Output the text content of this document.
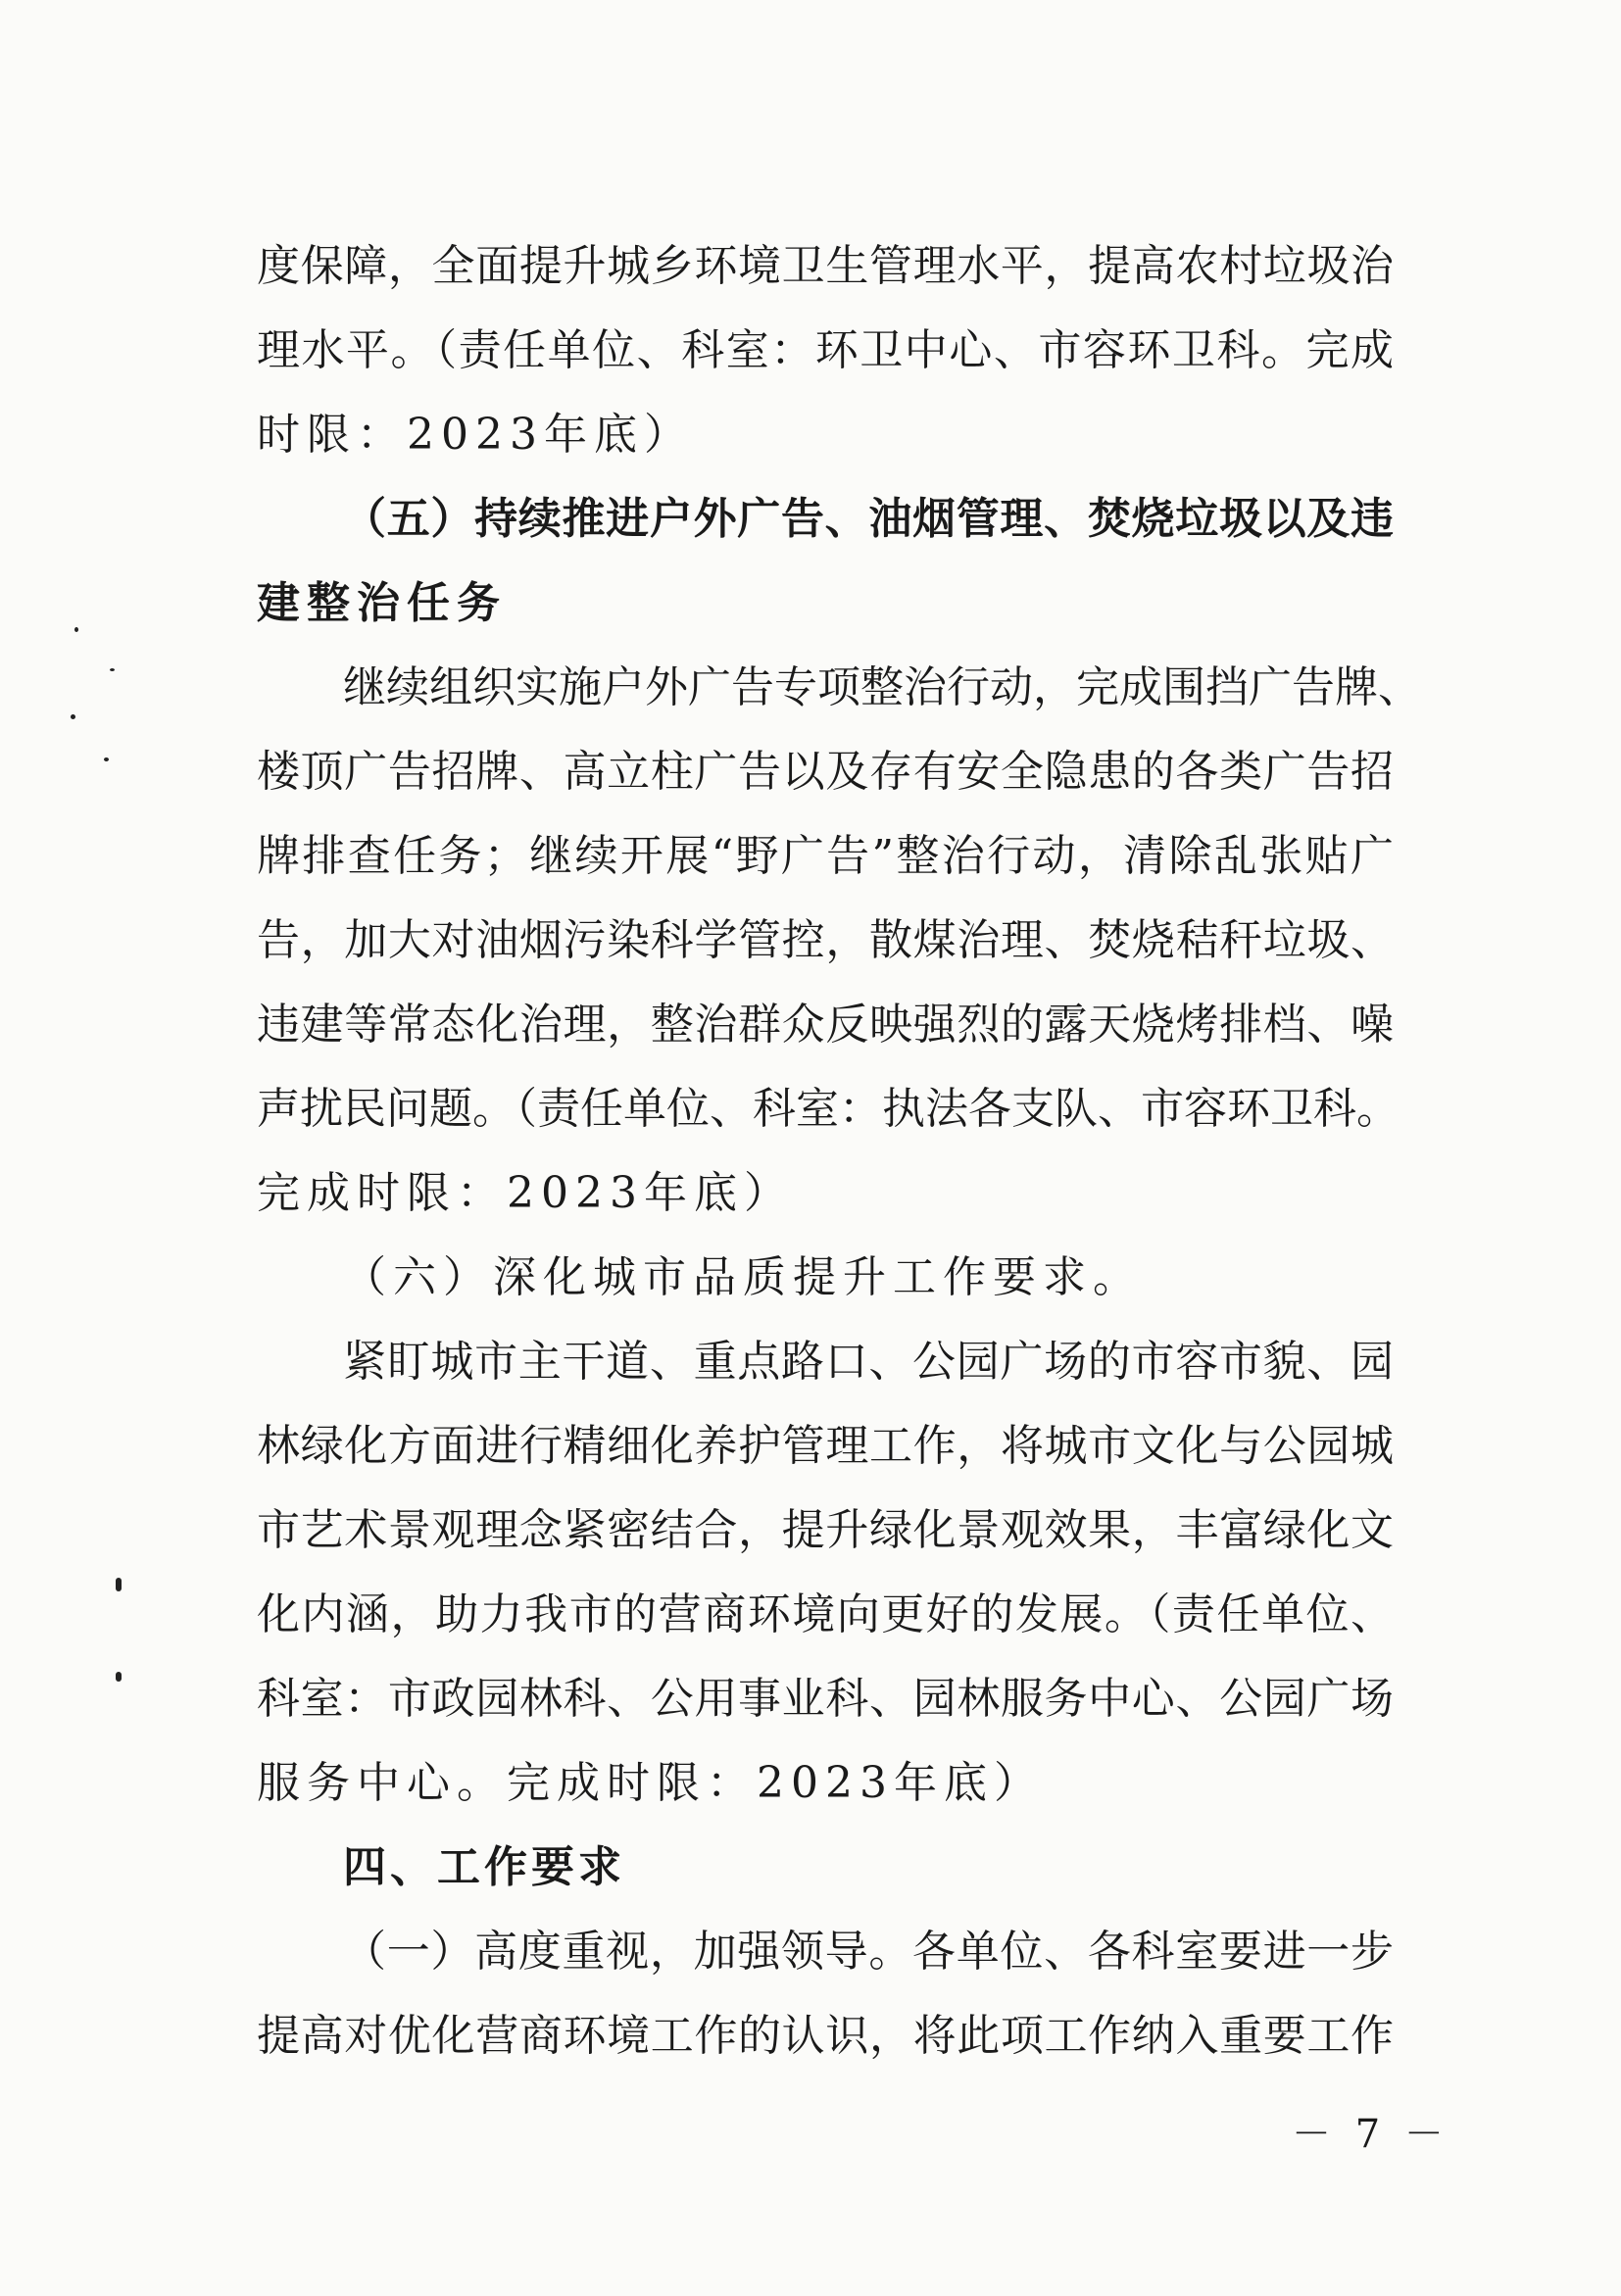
度保障，全面提升城乡环境卫生管理水平，提高农村垃圾治
理水平。（责任单位、科室：环卫中心、市容环卫科。完成
时限：2023年底）
（五）持续推进户外广告、油烟管理、焚烧垃圾以及违
建整治任务
继续组织实施户外广告专项整治行动，完成围挡广告牌、
楼顶广告招牌、高立柱广告以及存有安全隐患的各类广告招
牌排查任务；继续开展“野广告”整治行动，清除乱张贴广
告，加大对油烟污染科学管控，散煤治理、焚烧秸秆垃圾、
违建等常态化治理，整治群众反映强烈的露天烧烤排档、噪
声扰民问题。（责任单位、科室：执法各支队、市容环卫科。
完成时限：2023年底）
（六）深化城市品质提升工作要求。
紧盯城市主干道、重点路口、公园广场的市容市貌、园
林绿化方面进行精细化养护管理工作，将城市文化与公园城
市艺术景观理念紧密结合，提升绿化景观效果，丰富绿化文
化内涵，助力我市的营商环境向更好的发展。（责任单位、
科室：市政园林科、公用事业科、园林服务中心、公园广场
服务中心。完成时限：2023年底）
四、工作要求
（一）高度重视，加强领导。各单位、各科室要进一步
提高对优化营商环境工作的认识，将此项工作纳入重要工作
－ 7 －
